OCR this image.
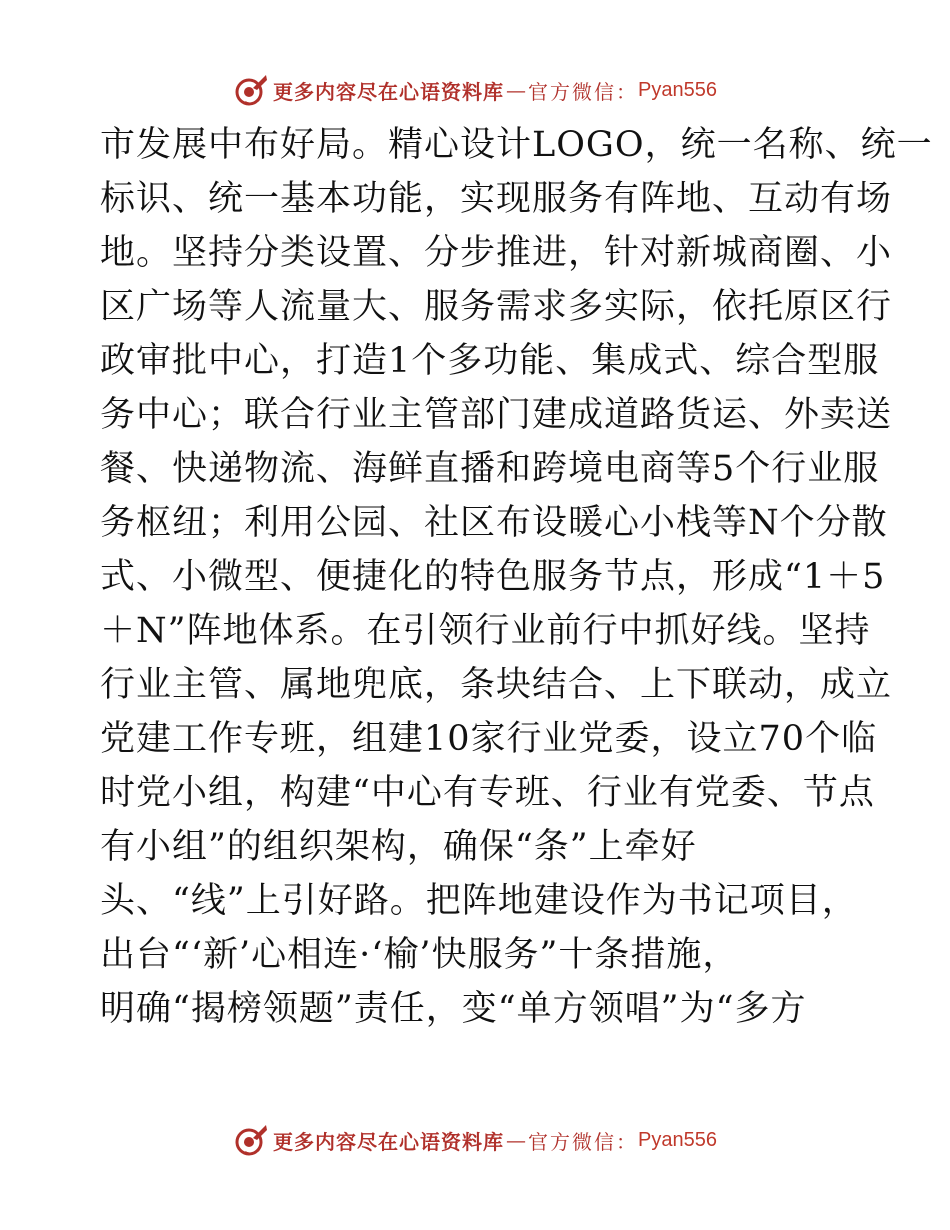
更多内容尽在心语资料库 — 官方微信： Pyan556
市发展中布好局。精心设计LOGO，统一名称、统一
标识、统一基本功能，实现服务有阵地、互动有场
地。坚持分类设置、分步推进，针对新城商圈、小
区广场等人流量大、服务需求多实际，依托原区行
政审批中心，打造1个多功能、集成式、综合型服
务中心；联合行业主管部门建成道路货运、外卖送
餐、快递物流、海鲜直播和跨境电商等5个行业服
务枢纽；利用公园、社区布设暖心小栈等N个分散
式、小微型、便捷化的特色服务节点，形成“1＋5
＋N”阵地体系。在引领行业前行中抓好线。坚持
行业主管、属地兜底，条块结合、上下联动，成立
党建工作专班，组建10家行业党委，设立70个临
时党小组，构建“中心有专班、行业有党委、节点
有小组”的组织架构，确保“条”上牵好
头、“线”上引好路。把阵地建设作为书记项目，
出台“‘新’心相连·‘榆’快服务”十条措施，
明确“揭榜领题”责任，变“单方领唱”为“多方
更多内容尽在心语资料库 — 官方微信： Pyan556
